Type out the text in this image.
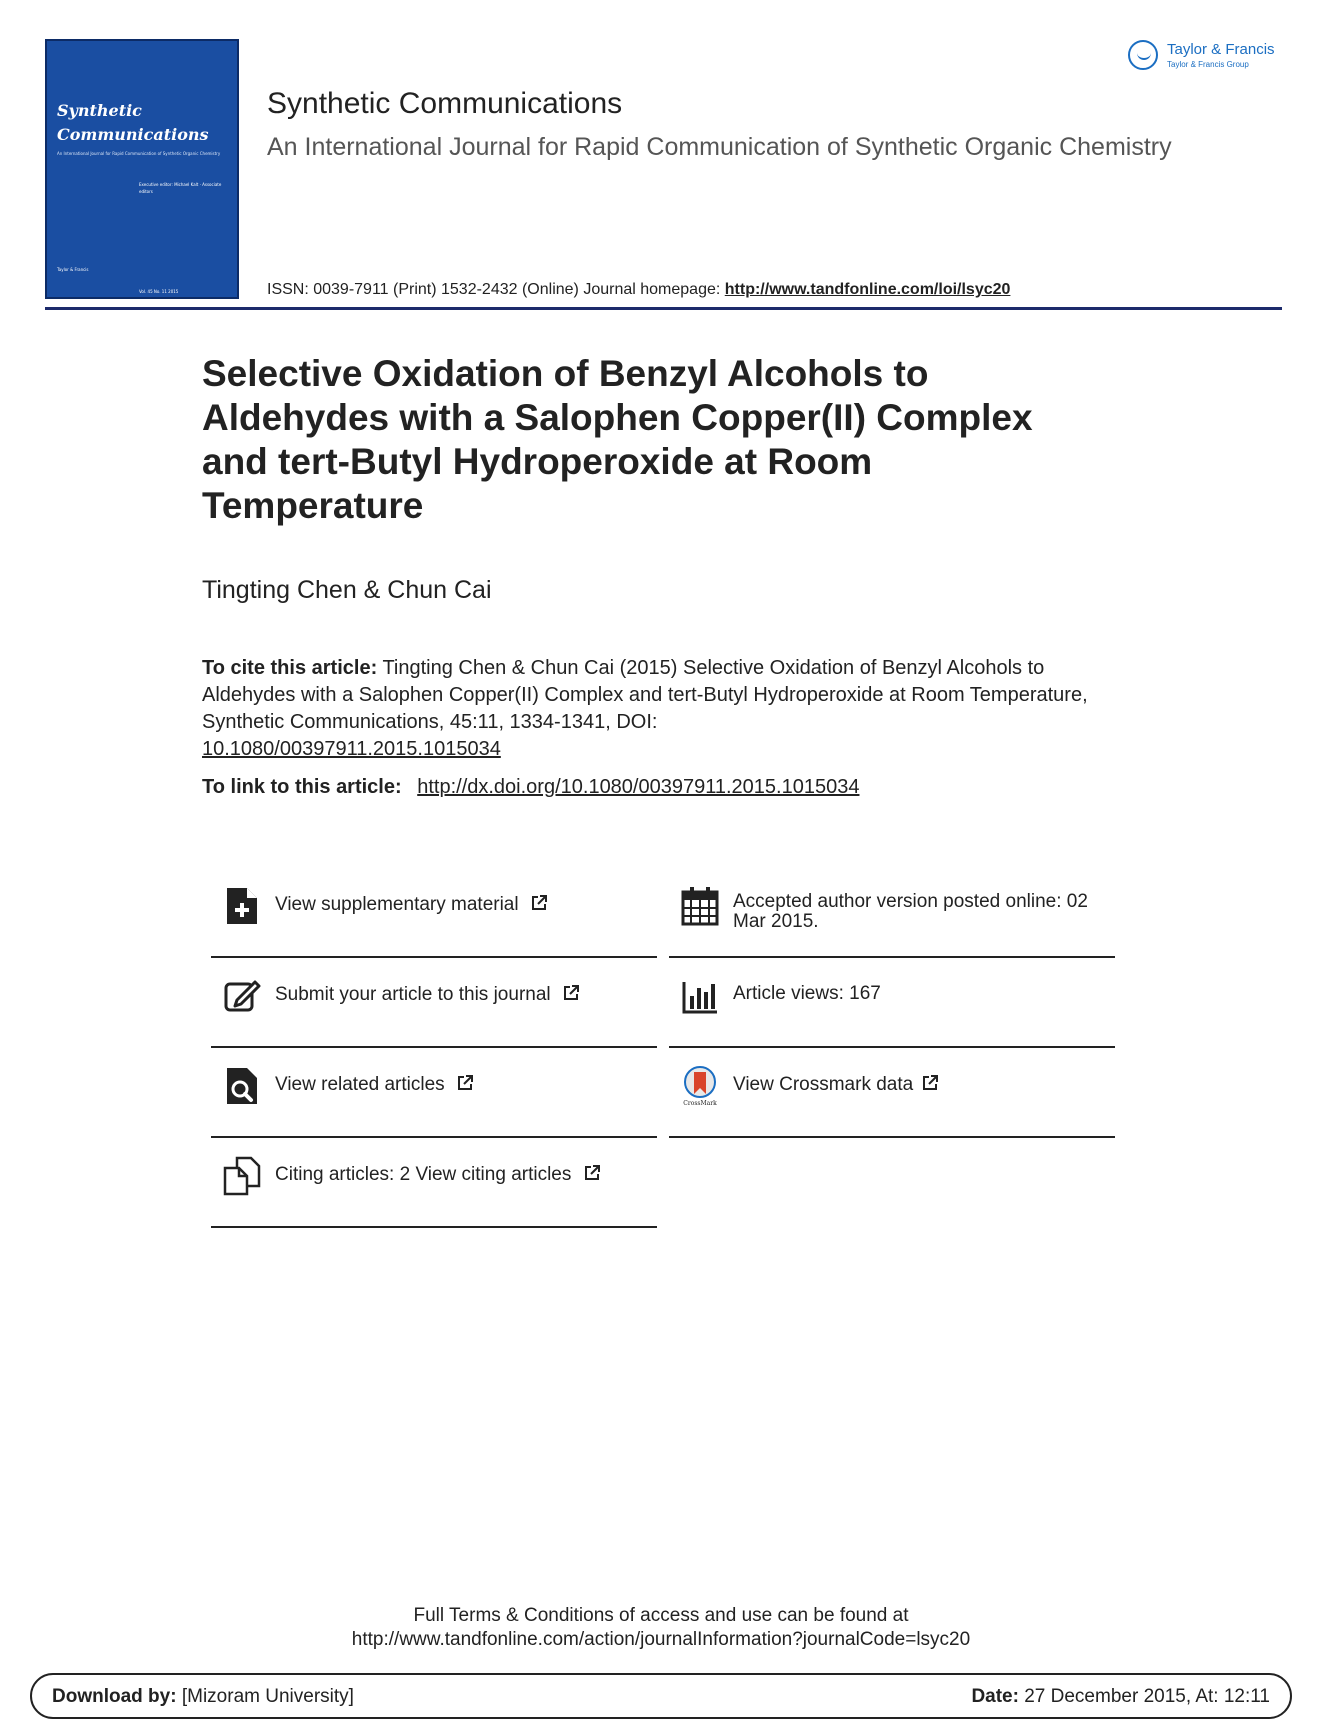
Synthetic
Communications
An International Journal for Rapid Communication of Synthetic Organic Chemistry
Executive editor: Michael Kalt · Associate editors
Taylor & Francis
Vol. 45 No. 11 2015
Synthetic Communications
An International Journal for Rapid Communication of Synthetic Organic Chemistry
ISSN: 0039-7911 (Print) 1532-2432 (Online) Journal homepage: http://www.tandfonline.com/loi/lsyc20
Taylor & Francis
Taylor & Francis Group
Selective Oxidation of Benzyl Alcohols to Aldehydes with a Salophen Copper(II) Complex and tert-Butyl Hydroperoxide at Room Temperature
Tingting Chen & Chun Cai
To cite this article: Tingting Chen & Chun Cai (2015) Selective Oxidation of Benzyl Alcohols to Aldehydes with a Salophen Copper(II) Complex and tert-Butyl Hydroperoxide at Room Temperature, Synthetic Communications, 45:11, 1334-1341, DOI:
10.1080/00397911.2015.1015034
To link to this article: http://dx.doi.org/10.1080/00397911.2015.1015034
View supplementary material
Submit your article to this journal
View related articles
Citing articles: 2 View citing articles
Accepted author version posted online: 02 Mar 2015.
Article views: 167
CrossMark
View Crossmark data
Full Terms & Conditions of access and use can be found at
http://www.tandfonline.com/action/journalInformation?journalCode=lsyc20
Download by: [Mizoram University]	Date: 27 December 2015, At: 12:11
